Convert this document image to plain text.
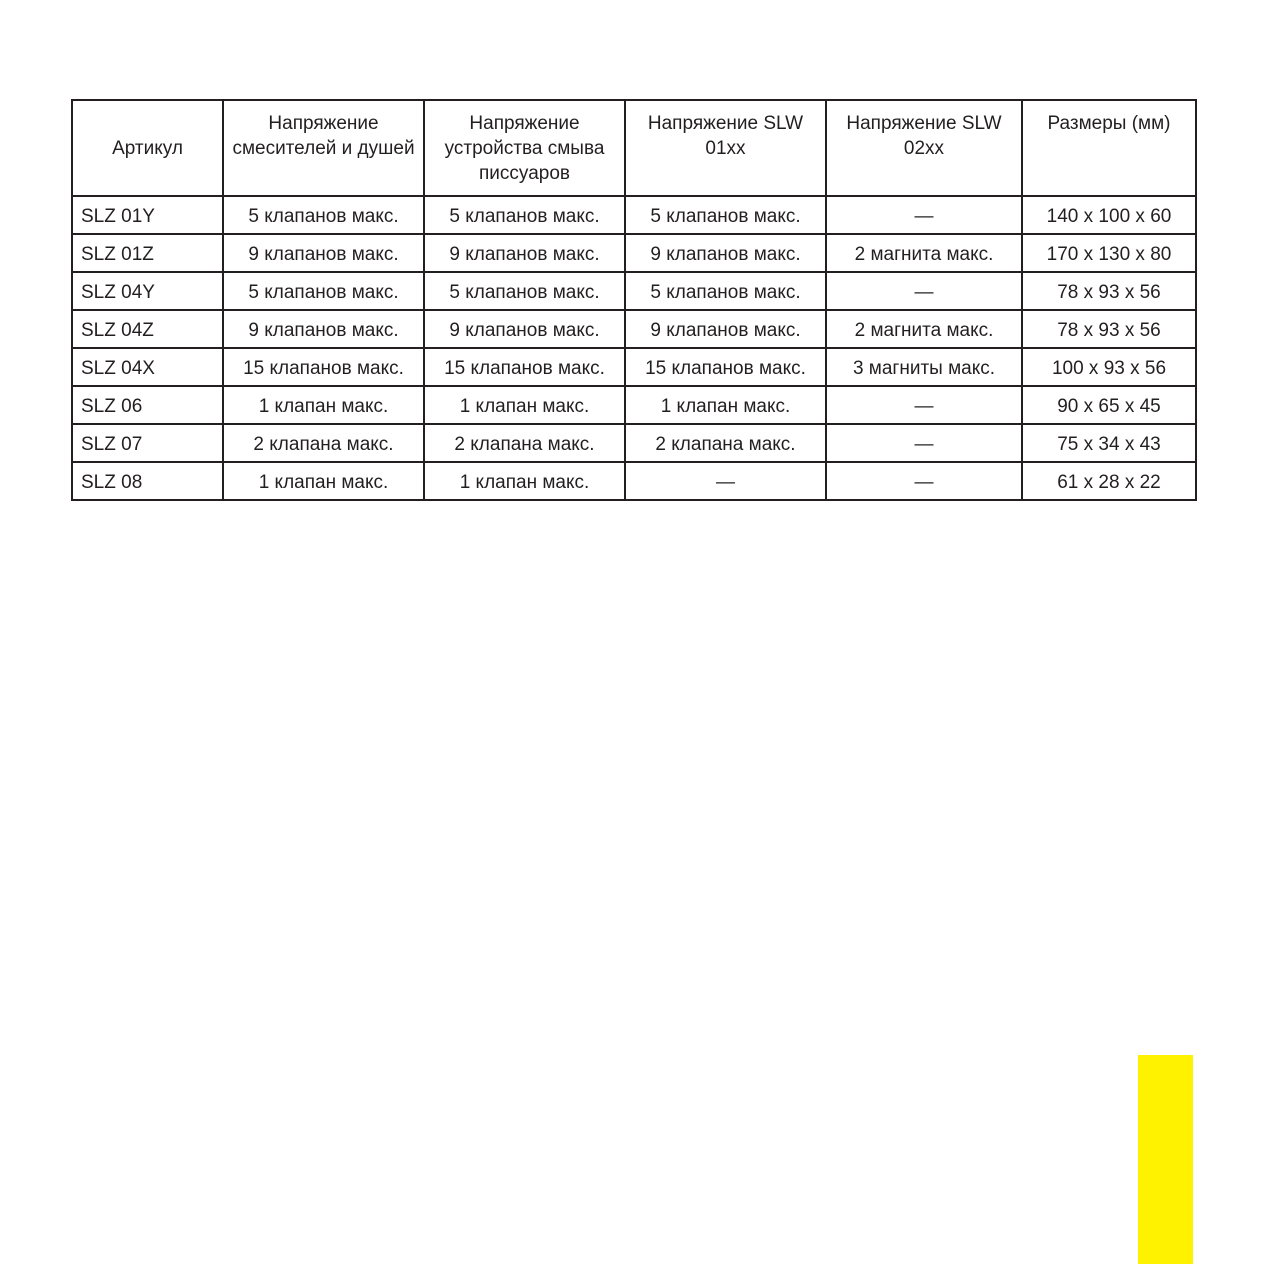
Артикул	Напряжение смесителей и душей	Напряжение устройства смыва писсуаров	Напряжение SLW 01xx	Напряжение SLW 02xx	Размеры (мм)
SLZ 01Y	5 клапанов макс.	5 клапанов макс.	5 клапанов макс.	—	140 x 100 x 60
SLZ 01Z	9 клапанов макс.	9 клапанов макс.	9 клапанов макс.	2 магнита макс.	170 x 130 x 80
SLZ 04Y	5 клапанов макс.	5 клапанов макс.	5 клапанов макс.	—	78 x 93 x 56
SLZ 04Z	9 клапанов макс.	9 клапанов макс.	9 клапанов макс.	2 магнита макс.	78 x 93 x 56
SLZ 04X	15 клапанов макс.	15 клапанов макс.	15 клапанов макс.	3 магниты макс.	100 x 93 x 56
SLZ 06	1 клапан макс.	1 клапан макс.	1 клапан макс.	—	90 x 65 x 45
SLZ 07	2 клапана макс.	2 клапана макс.	2 клапана макс.	—	75 x 34 x 43
SLZ 08	1 клапан макс.	1 клапан макс.	—	—	61 x 28 x 22
